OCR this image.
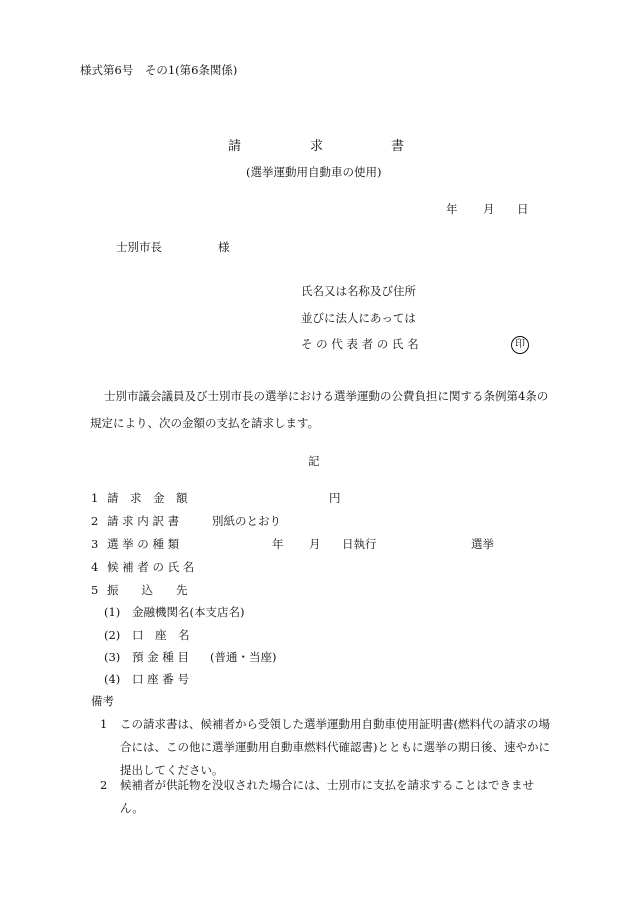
様式第6号　その1(第6条関係)
請	求	書
(選挙運動用自動車の使用)
年 月 日
士別市長	様
氏名又は名称及び住所
並びに法人にあっては
そ の 代 表 者 の 氏 名	印
士別市議会議員及び士別市長の選挙における選挙運動の公費負担に関する条例第4条の規定により、次の金額の支払を請求します。
記
1 請　求　金　額	円
2 請 求 内 訳 書	別紙のとおり
3 選 挙 の 種 類	年 月 日執行	選挙
4 候 補 者 の 氏 名
5 振　　込　　先
(1) 金融機関名(本支店名)
(2) 口　座　名
(3) 預 金 種 目 (普通・当座)
(4) 口 座 番 号
備考
1	この請求書は、候補者から受領した選挙運動用自動車使用証明書(燃料代の請求の場合には、この他に選挙運動用自動車燃料代確認書)とともに選挙の期日後、速やかに提出してください。
2	候補者が供託物を没収された場合には、士別市に支払を請求することはできません。
